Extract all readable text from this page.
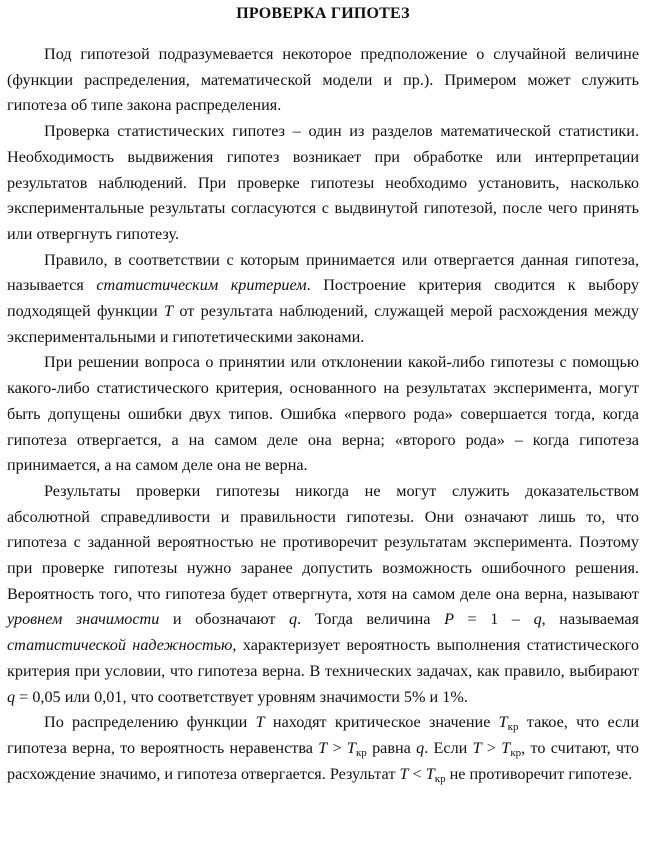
ПРОВЕРКА ГИПОТЕЗ

Под гипотезой подразумевается некоторое предположение о случайной величине (функции распределения, математической модели и пр.). Примером может служить гипотеза об типе закона распределения.

Проверка статистических гипотез – один из разделов математической статистики. Необходимость выдвижения гипотез возникает при обработке или интерпретации результатов наблюдений. При проверке гипотезы необходимо установить, насколько экспериментальные результаты согласуются с выдвинутой гипотезой, после чего принять или отвергнуть гипотезу.

Правило, в соответствии с которым принимается или отвергается данная гипотеза, называется статистическим критерием. Построение критерия сводится к выбору подходящей функции T от результата наблюдений, служащей мерой расхождения между экспериментальными и гипотетическими законами.

При решении вопроса о принятии или отклонении какой-либо гипотезы с помощью какого-либо статистического критерия, основанного на результатах эксперимента, могут быть допущены ошибки двух типов. Ошибка «первого рода» совершается тогда, когда гипотеза отвергается, а на самом деле она верна; «второго рода» – когда гипотеза принимается, а на самом деле она не верна.

Результаты проверки гипотезы никогда не могут служить доказательством абсолютной справедливости и правильности гипотезы. Они означают лишь то, что гипотеза с заданной вероятностью не противоречит результатам эксперимента. Поэтому при проверке гипотезы нужно заранее допустить возможность ошибочного решения. Вероятность того, что гипотеза будет отвергнута, хотя на самом деле она верна, называют уровнем значимости и обозначают q. Тогда величина P = 1 – q, называемая статистической надежностью, характеризует вероятность выполнения статистического критерия при условии, что гипотеза верна. В технических задачах, как правило, выбирают q = 0,05 или 0,01, что соответствует уровням значимости 5% и 1%.

По распределению функции T находят критическое значение $T_{кр}$ такое, что если гипотеза верна, то вероятность неравенства $T > T_{кр}$ равна q. Если $T > T_{кр}$, то считают, что расхождение значимо, и гипотеза отвергается. Результат $T < T_{кр}$ не противоречит гипотезе.
